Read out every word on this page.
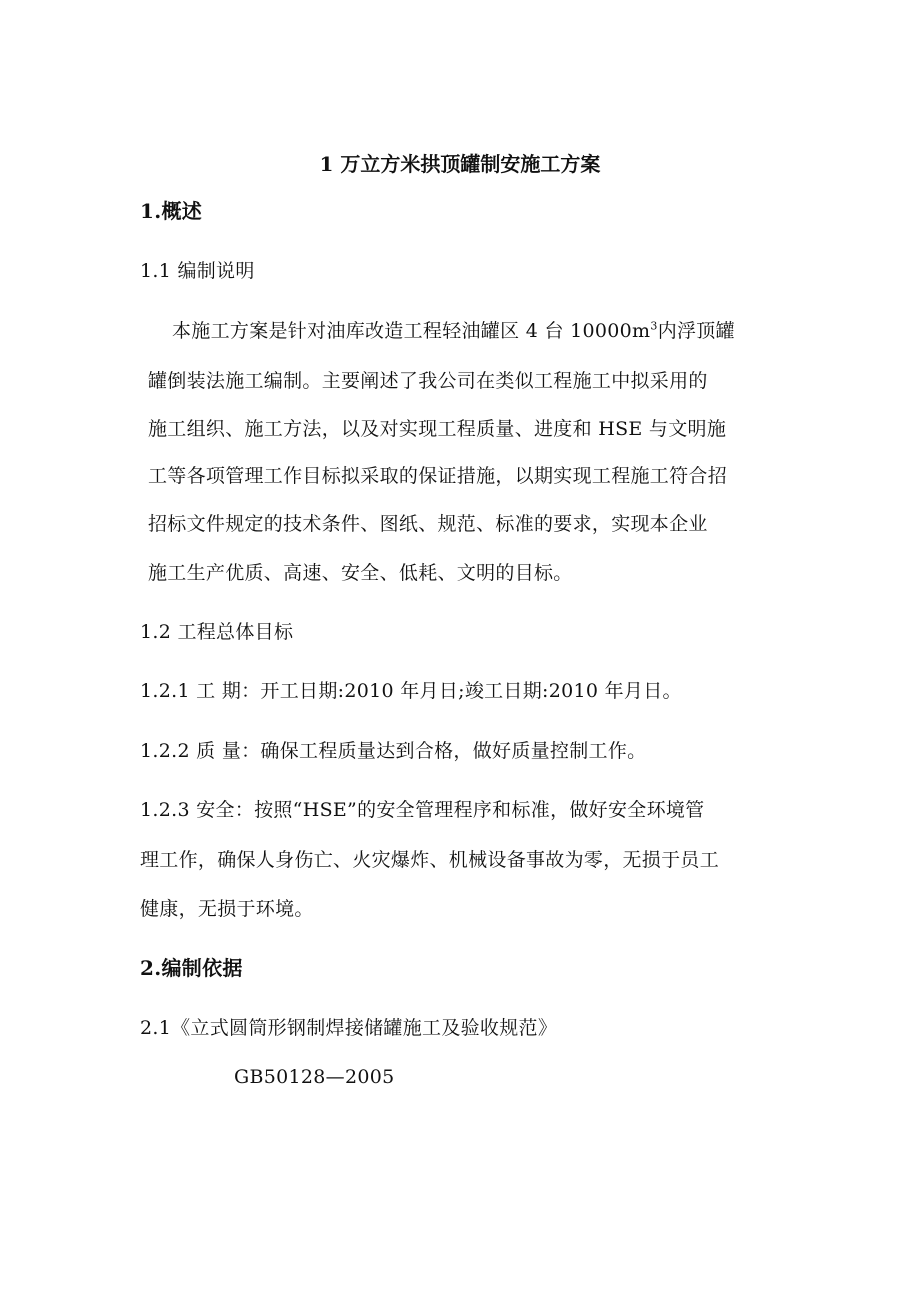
1 万立方米拱顶罐制安施工方案
1.概述
1.1 编制说明
本施工方案是针对油库改造工程轻油罐区 4 台 $10000m^3$内浮顶罐
罐倒装法施工编制。主要阐述了我公司在类似工程施工中拟采用的
施工组织、施工方法，以及对实现工程质量、进度和 HSE 与文明施
工等各项管理工作目标拟采取的保证措施，以期实现工程施工符合招
招标文件规定的技术条件、图纸、规范、标准的要求，实现本企业
施工生产优质、高速、安全、低耗、文明的目标。
1.2 工程总体目标
1.2.1 工 期：开工日期:2010 年月日;竣工日期:2010 年月日。
1.2.2 质 量：确保工程质量达到合格，做好质量控制工作。
1.2.3 安全：按照“HSE”的安全管理程序和标准，做好安全环境管
理工作，确保人身伤亡、火灾爆炸、机械设备事故为零，无损于员工
健康，无损于环境。
2.编制依据
2.1《立式圆筒形钢制焊接储罐施工及验收规范》
GB50128—2005
